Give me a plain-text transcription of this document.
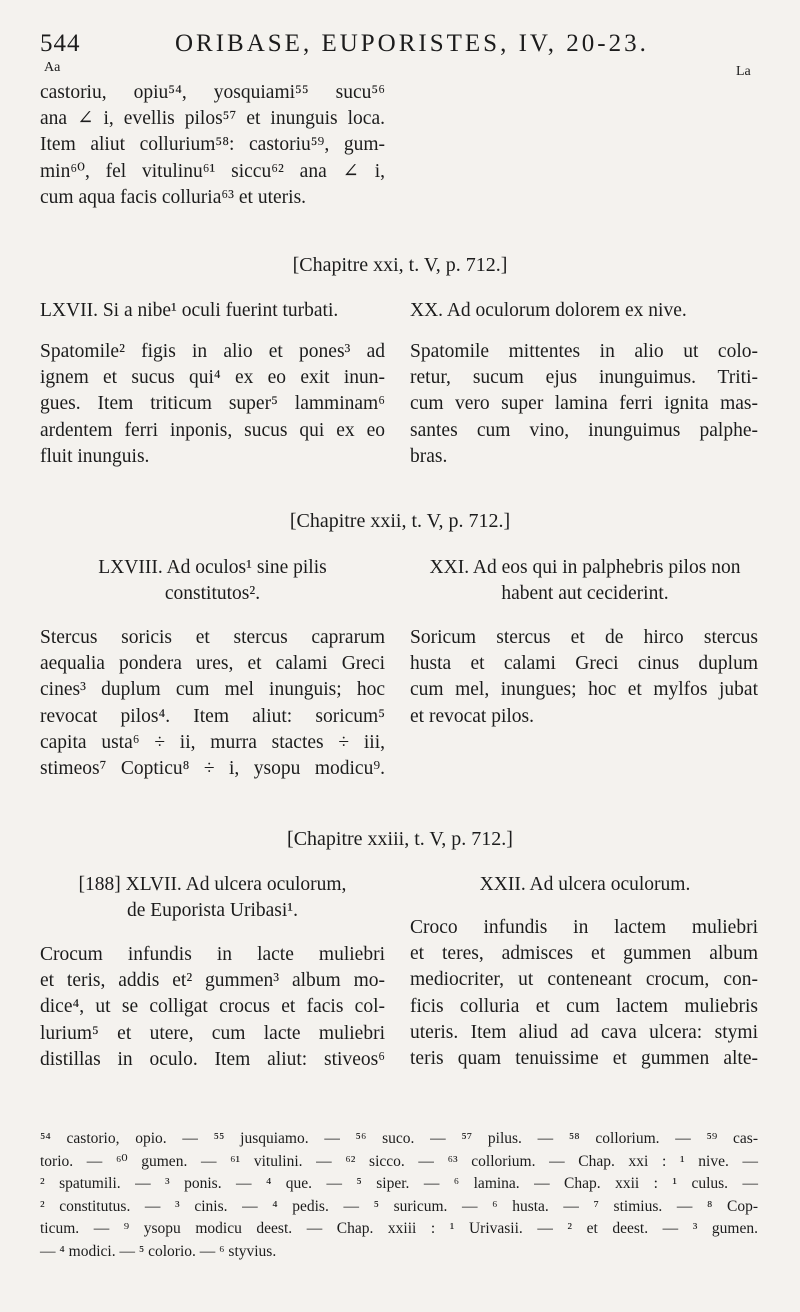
544	ORIBASE, EUPORISTES, IV, 20-23.
Aa	La
castoriu, opiu⁵⁴, yosquiami⁵⁵ sucu⁵⁶
ana ∠ i, evellis pilos⁵⁷ et inunguis loca.
Item aliut collurium⁵⁸: castoriu⁵⁹, gum-
min⁶⁰, fel vitulinu⁶¹ siccu⁶² ana ∠ i,
cum aqua facis colluria⁶³ et uteris.
[Chapitre xxi, t. V, p. 712.]
LXVII. Si a nibe¹ oculi fuerint turbati.	XX. Ad oculorum dolorem ex nive.
Spatomile² figis in alio et pones³ ad
ignem et sucus qui⁴ ex eo exit inun-
gues. Item triticum super⁵ lamminam⁶
ardentem ferri inponis, sucus qui ex eo
fluit inunguis.
Spatomile mittentes in alio ut colo-
retur, sucum ejus inunguimus. Triti-
cum vero super lamina ferri ignita mas-
santes cum vino, inunguimus palphe-
bras.
[Chapitre xxii, t. V, p. 712.]
LXVIII. Ad oculos¹ sine pilis
constitutos².
XXI. Ad eos qui in palphebris pilos non
habent aut ceciderint.
Stercus soricis et stercus caprarum
aequalia pondera ures, et calami Greci
cines³ duplum cum mel inunguis; hoc
revocat pilos⁴. Item aliut: soricum⁵
capita usta⁶ ÷ ii, murra stactes ÷ iii,
stimeos⁷ Copticu⁸ ÷ i, ysopu modicu⁹.
Soricum stercus et de hirco stercus
husta et calami Greci cinus duplum
cum mel, inungues; hoc et mylfos jubat
et revocat pilos.
[Chapitre xxiii, t. V, p. 712.]
[188] XLVII. Ad ulcera oculorum,
de Euporista Uribasi¹.
XXII. Ad ulcera oculorum.
Crocum infundis in lacte muliebri
et teris, addis et² gummen³ album mo-
dice⁴, ut se colligat crocus et facis col-
lurium⁵ et utere, cum lacte muliebri
distillas in oculo. Item aliut: stiveos⁶
Croco infundis in lactem muliebri
et teres, admisces et gummen album
mediocriter, ut conteneant crocum, con-
ficis colluria et cum lactem muliebris
uteris. Item aliud ad cava ulcera: stymi
teris quam tenuissime et gummen alte-
⁵⁴ castorio, opio. — ⁵⁵ jusquiamo. — ⁵⁶ suco. — ⁵⁷ pilus. — ⁵⁸ collorium. — ⁵⁹ cas-
torio. — ⁶⁰ gumen. — ⁶¹ vitulini. — ⁶² sicco. — ⁶³ collorium. — Chap. xxi : ¹ nive. —
² spatumili. — ³ ponis. — ⁴ que. — ⁵ siper. — ⁶ lamina. — Chap. xxii : ¹ culus. —
² constitutus. — ³ cinis. — ⁴ pedis. — ⁵ suricum. — ⁶ husta. — ⁷ stimius. — ⁸ Cop-
ticum. — ⁹ ysopu modicu deest. — Chap. xxiii : ¹ Urivasii. — ² et deest. — ³ gumen.
— ⁴ modici. — ⁵ colorio. — ⁶ styvius.
